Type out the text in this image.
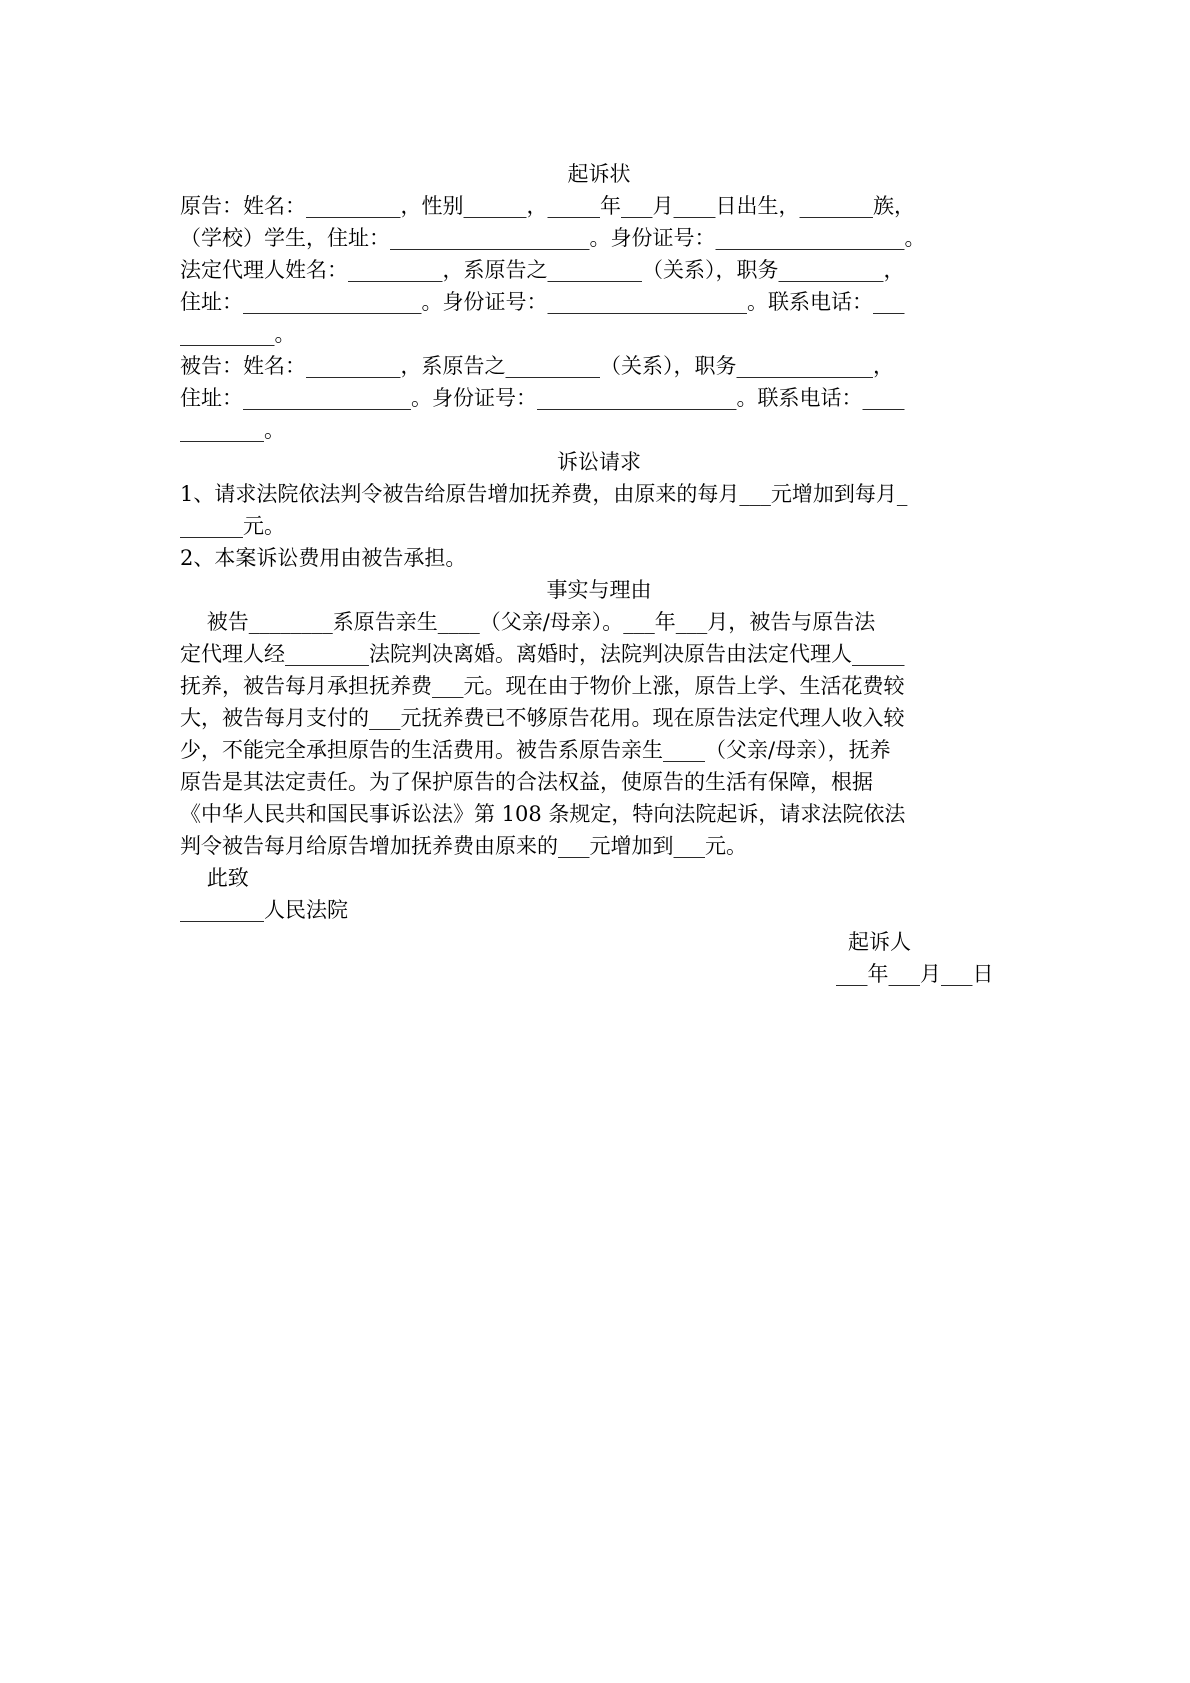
起诉状
原告：姓名：_________，性别______，_____年___月____日出生，_______族，
（学校）学生，住址：___________________。身份证号：__________________。
法定代理人姓名：_________，系原告之_________（关系），职务__________，
住址：_________________。身份证号：___________________。联系电话：___
_________。
被告：姓名：_________，系原告之_________（关系），职务_____________，
住址：________________。身份证号：___________________。联系电话：____
________。
诉讼请求
1、请求法院依法判令被告给原告增加抚养费，由原来的每月___元增加到每月_
______元。
2、本案诉讼费用由被告承担。
事实与理由
被告________系原告亲生____（父亲/母亲）。___年___月，被告与原告法
定代理人经________法院判决离婚。离婚时，法院判决原告由法定代理人_____
抚养，被告每月承担抚养费___元。现在由于物价上涨，原告上学、生活花费较
大，被告每月支付的___元抚养费已不够原告花用。现在原告法定代理人收入较
少，不能完全承担原告的生活费用。被告系原告亲生____（父亲/母亲），抚养
原告是其法定责任。为了保护原告的合法权益，使原告的生活有保障，根据
《中华人民共和国民事诉讼法》第 108 条规定，特向法院起诉，请求法院依法
判令被告每月给原告增加抚养费由原来的___元增加到___元。
此致
________人民法院
起诉人
___年___月___日
